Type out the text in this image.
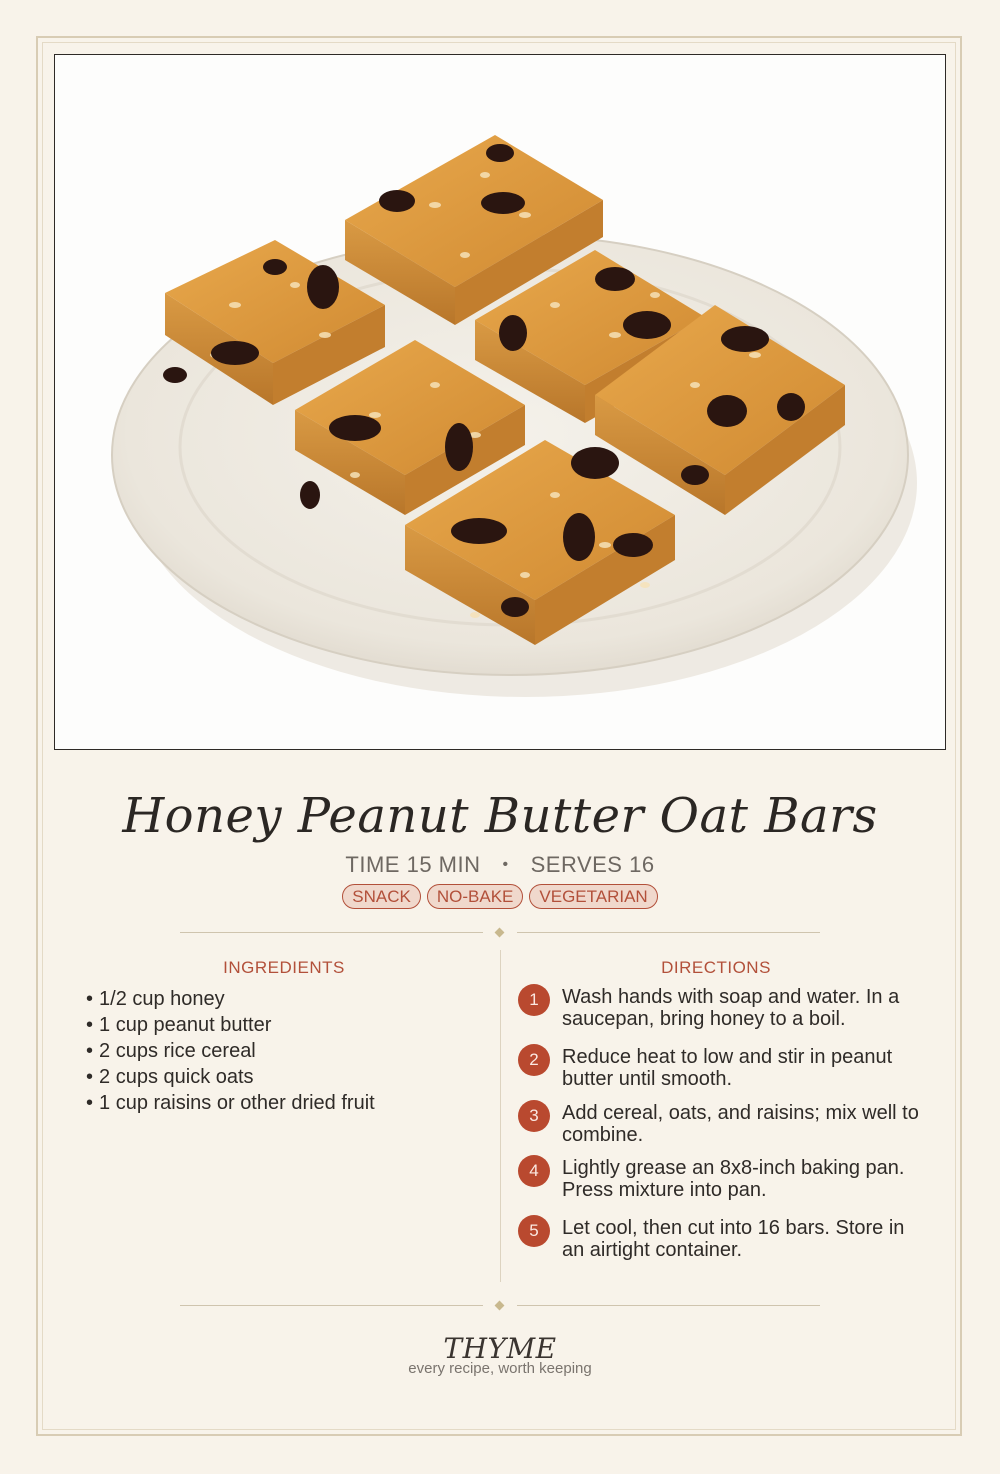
Honey Peanut Butter Oat Bars
TIME 15 MIN • SERVES 16
SNACK NO-BAKE VEGETARIAN
INGREDIENTS
• 1/2 cup honey
• 1 cup peanut butter
• 2 cups rice cereal
• 2 cups quick oats
• 1 cup raisins or other dried fruit
DIRECTIONS
1	Wash hands with soap and water. In a saucepan, bring honey to a boil.
2	Reduce heat to low and stir in peanut butter until smooth.
3	Add cereal, oats, and raisins; mix well to combine.
4	Lightly grease an 8x8-inch baking pan. Press mixture into pan.
5	Let cool, then cut into 16 bars. Store in an airtight container.
THYME
every recipe, worth keeping
